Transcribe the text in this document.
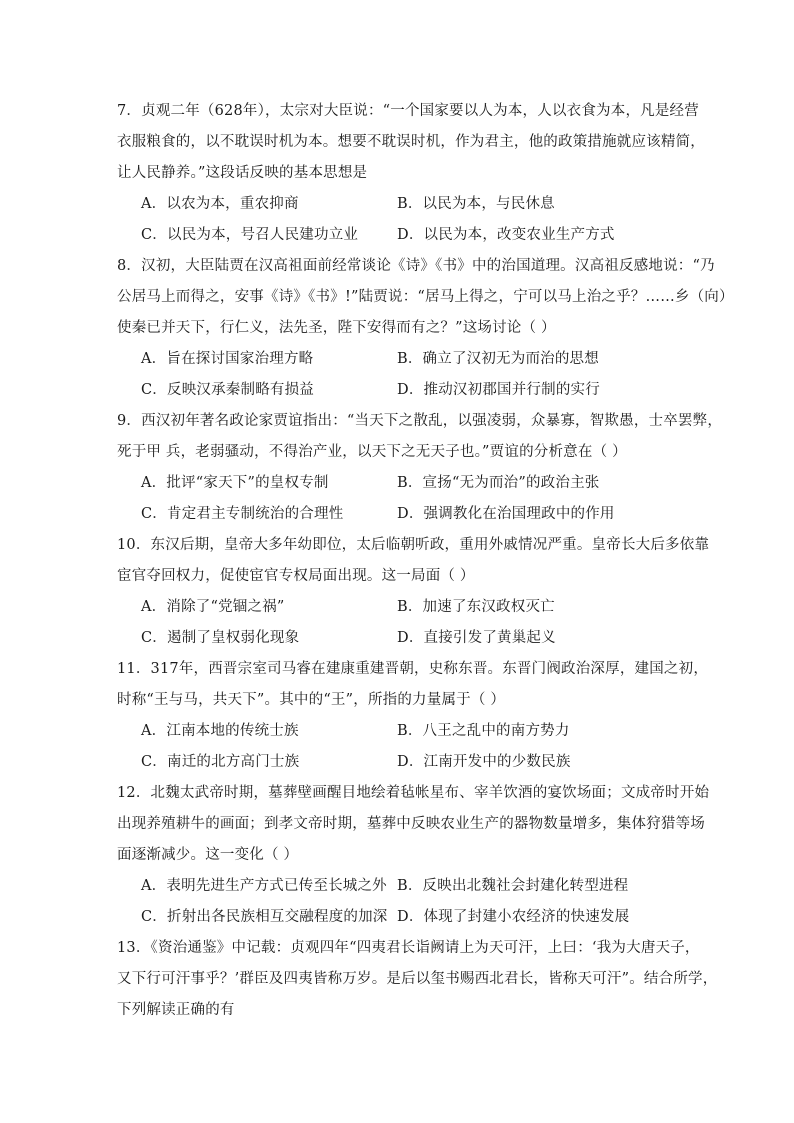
7．贞观二年（628年），太宗对大臣说：“一个国家要以人为本，人以衣食为本，凡是经营
衣服粮食的，以不耽误时机为本。想要不耽误时机，作为君主，他的政策措施就应该精简，
让人民静养。”这段话反映的基本思想是
A．以农为本，重农抑商	B．以民为本，与民休息
C．以民为本，号召人民建功立业	D．以民为本，改变农业生产方式
8．汉初，大臣陆贾在汉高祖面前经常谈论《诗》《书》中的治国道理。汉高祖反感地说：“乃
公居马上而得之，安事《诗》《书》!”陆贾说：“居马上得之，宁可以马上治之乎？……乡（向）
使秦已并天下，行仁义，法先圣，陛下安得而有之？”这场讨论（ ）
A．旨在探讨国家治理方略	B．确立了汉初无为而治的思想
C．反映汉承秦制略有损益	D．推动汉初郡国并行制的实行
9．西汉初年著名政论家贾谊指出：“当天下之散乱，以强凌弱，众暴寡，智欺愚，士卒罢弊，
死于甲 兵，老弱骚动，不得治产业，以天下之无天子也。”贾谊的分析意在（ ）
A．批评“家天下”的皇权专制	B．宣扬“无为而治”的政治主张
C．肯定君主专制统治的合理性	D．强调教化在治国理政中的作用
10．东汉后期，皇帝大多年幼即位，太后临朝听政，重用外戚情况严重。皇帝长大后多依靠
宦官夺回权力，促使宦官专权局面出现。这一局面（ ）
A．消除了“党锢之祸”	B．加速了东汉政权灭亡
C．遏制了皇权弱化现象	D．直接引发了黄巢起义
11．317年，西晋宗室司马睿在建康重建晋朝，史称东晋。东晋门阀政治深厚，建国之初，
时称“王与马，共天下”。其中的“王”，所指的力量属于（ ）
A．江南本地的传统士族	B．八王之乱中的南方势力
C．南迁的北方高门士族	D．江南开发中的少数民族
12．北魏太武帝时期，墓葬壁画醒目地绘着毡帐星布、宰羊饮酒的宴饮场面；文成帝时开始
出现养殖耕牛的画面；到孝文帝时期，墓葬中反映农业生产的器物数量增多，集体狩猎等场
面逐渐减少。这一变化（ ）
A．表明先进生产方式已传至长城之外 B．反映出北魏社会封建化转型进程
C．折射出各民族相互交融程度的加深 D．体现了封建小农经济的快速发展
13．《资治通鉴》中记载：贞观四年“四夷君长诣阙请上为天可汗，上曰：‘我为大唐天子，
又下行可汗事乎？’群臣及四夷皆称万岁。是后以玺书赐西北君长，皆称天可汗”。结合所学，
下列解读正确的有
